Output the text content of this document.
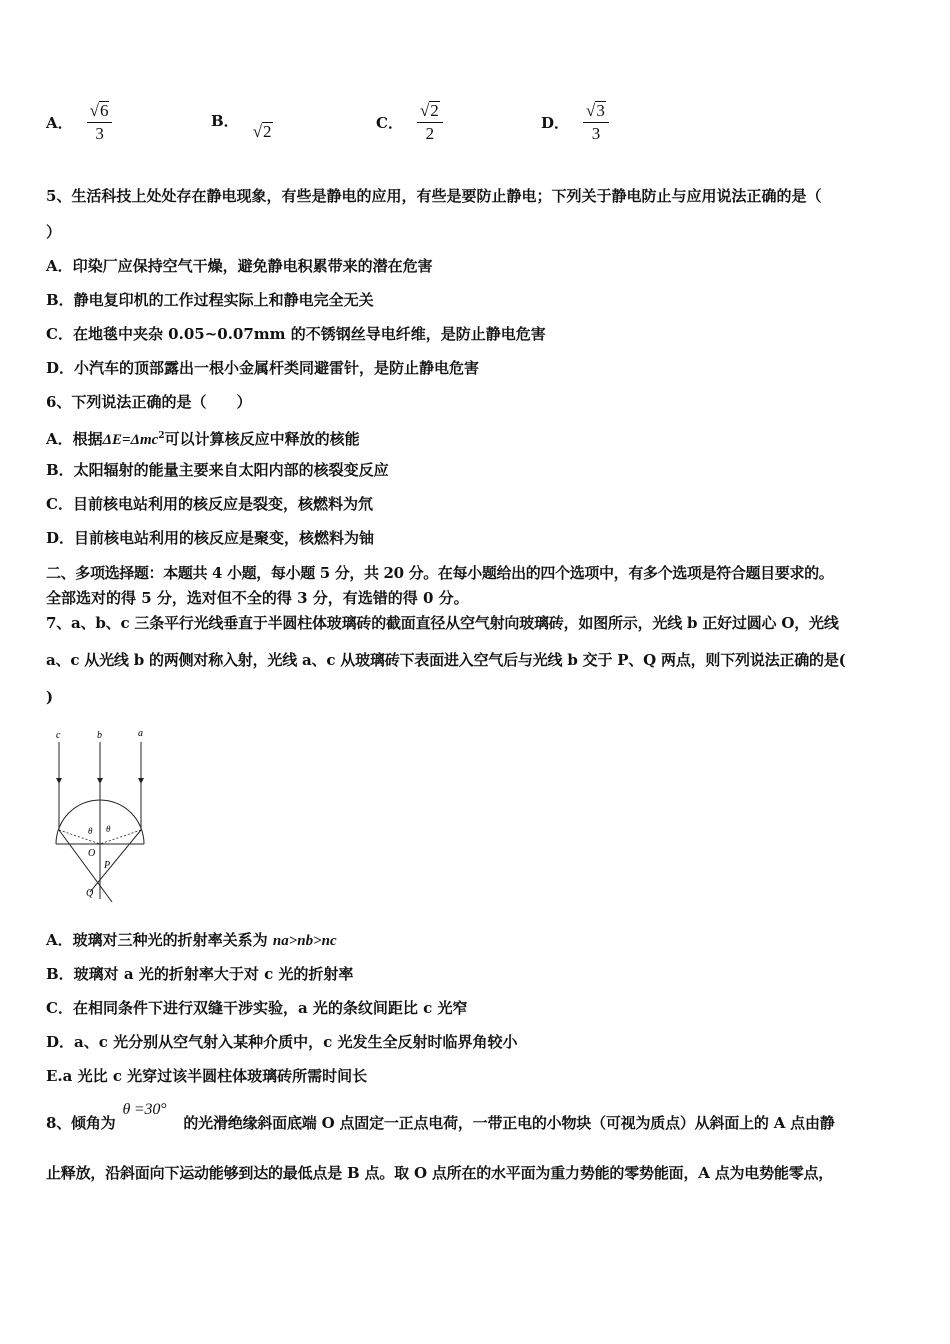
A． $\frac{√ 6}{3}$	B．
√ 2	C． $\frac{√ 2}{2}$	D． $\frac{√ 3}{3}$
5、生活科技上处处存在静电现象，有些是静电的应用，有些是要防止静电；下列关于静电防止与应用说法正确的是（
）
A．印染厂应保持空气干燥，避免静电积累带来的潜在危害
B．静电复印机的工作过程实际上和静电完全无关
C．在地毯中夹杂 0.05~0.07mm 的不锈钢丝导电纤维，是防止静电危害
D．小汽车的顶部露出一根小金属杆类同避雷针，是防止静电危害
6、下列说法正确的是（　　）
A．根据ΔE=Δmc$^2$可以计算核反应中释放的核能
B．太阳辐射的能量主要来自太阳内部的核裂变反应
C．目前核电站利用的核反应是裂变，核燃料为氘
D．目前核电站利用的核反应是聚变，核燃料为铀
二、多项选择题：本题共 4 小题，每小题 5 分，共 20 分。在每小题给出的四个选项中，有多个选项是符合题目要求的。
全部选对的得 5 分，选对但不全的得 3 分，有选错的得 0 分。
7、a、b、c 三条平行光线垂直于半圆柱体玻璃砖的截面直径从空气射向玻璃砖，如图所示，光线 b 正好过圆心 O，光线
a、c 从光线 b 的两侧对称入射，光线 a、c 从玻璃砖下表面进入空气后与光线 b 交于 P、Q 两点，则下列说法正确的是(
)
c	b	a
θ θ
O
P
Q
A．玻璃对三种光的折射率关系为 na>nb>nc
B．玻璃对 a 光的折射率大于对 c 光的折射率
C．在相同条件下进行双缝干涉实验，a 光的条纹间距比 c 光窄
D．a、c 光分别从空气射入某种介质中，c 光发生全反射时临界角较小
E.a 光比 c 光穿过该半圆柱体玻璃砖所需时间长
8、倾角为 θ =30° 的光滑绝缘斜面底端 O 点固定一正点电荷，一带正电的小物块（可视为质点）从斜面上的 A 点由静
止释放，沿斜面向下运动能够到达的最低点是 B 点。取 O 点所在的水平面为重力势能的零势能面，A 点为电势能零点，
